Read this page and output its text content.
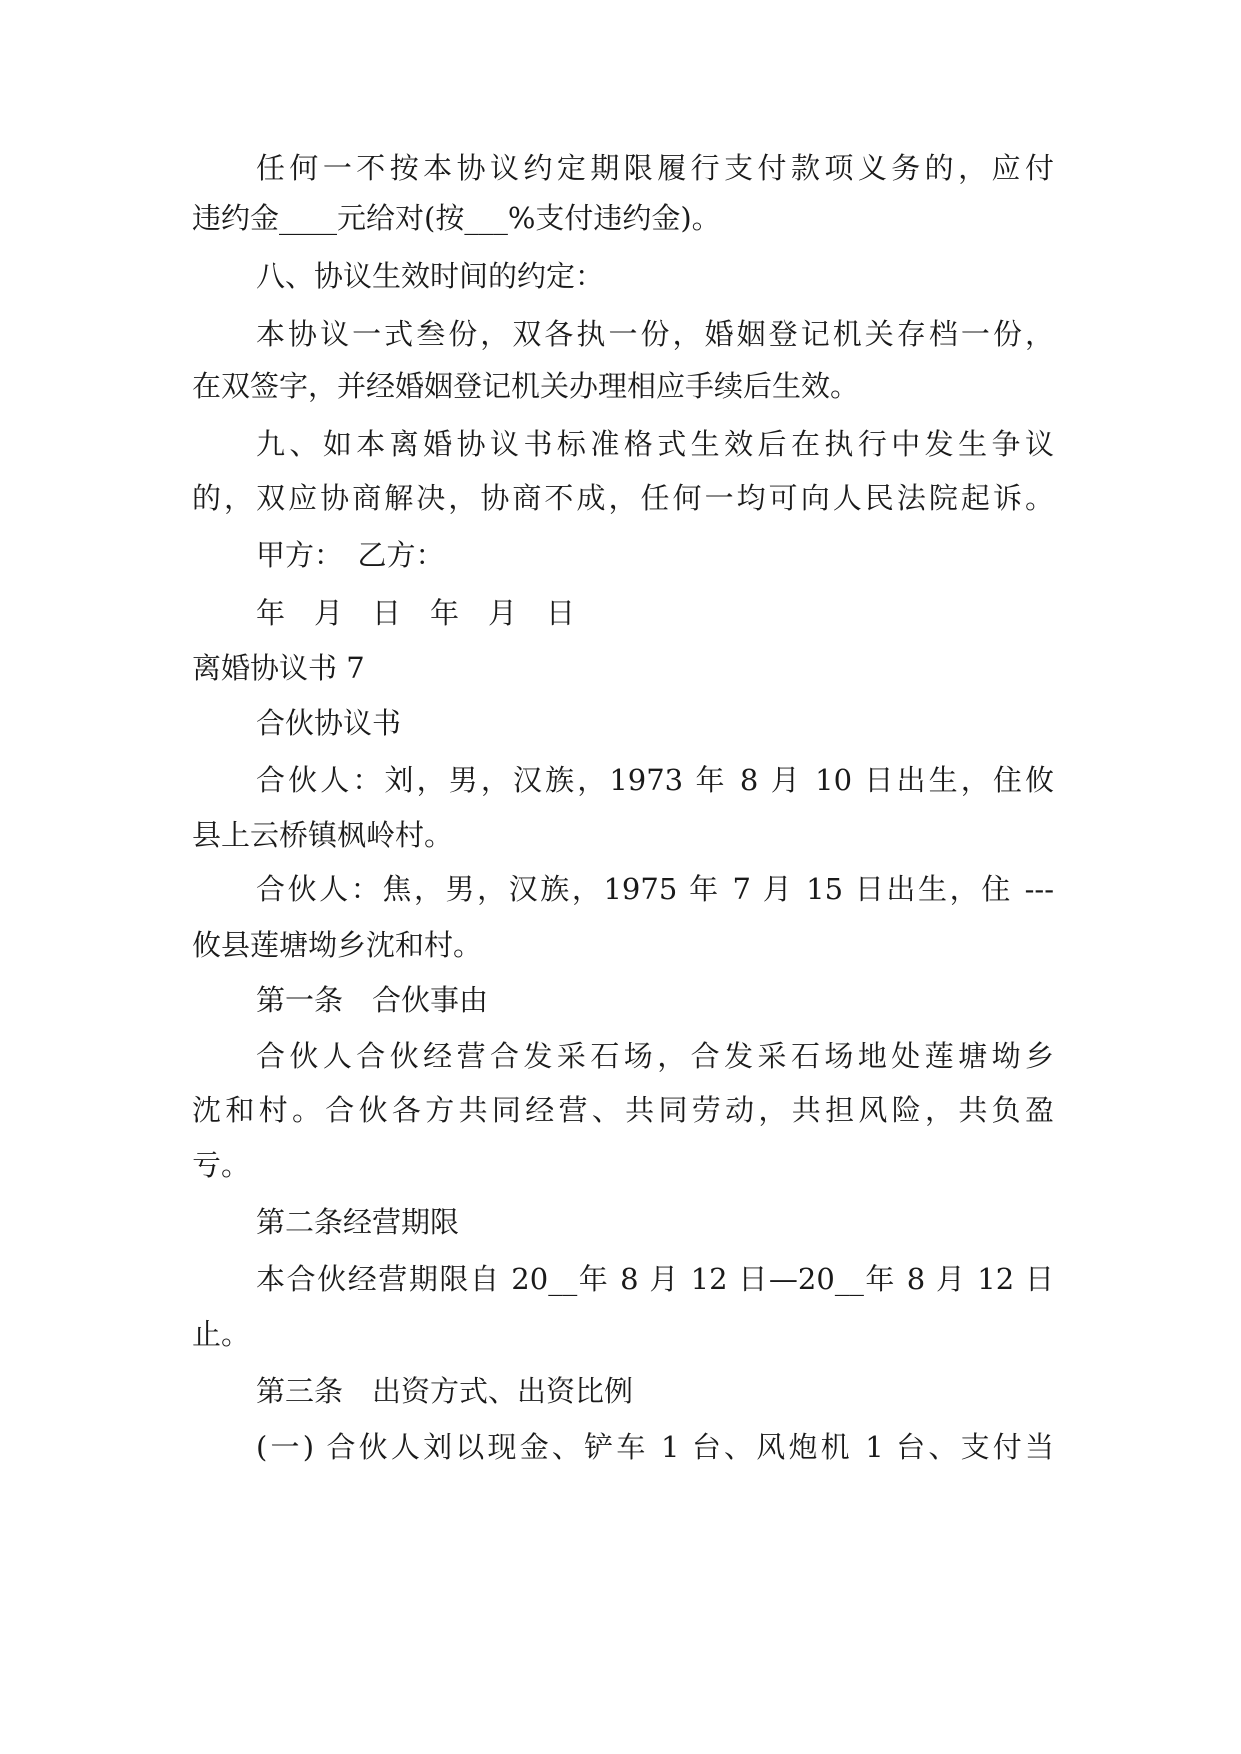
任何一不按本协议约定期限履行支付款项义务的，应付
违约金____元给对(按___%支付违约金)。
八、协议生效时间的约定：
本协议一式叁份，双各执一份，婚姻登记机关存档一份，
在双签字，并经婚姻登记机关办理相应手续后生效。
九、如本离婚协议书标准格式生效后在执行中发生争议
的，双应协商解决，协商不成，任何一均可向人民法院起诉。
甲方：　乙方：
年　月　日　年　月　日
离婚协议书 7
合伙协议书
合伙人：刘，男，汉族，1973 年 8 月 10 日出生，住攸
县上云桥镇枫岭村。
合伙人：焦，男，汉族，1975 年 7 月 15 日出生，住 ---
攸县莲塘坳乡沈和村。
第一条　合伙事由
合伙人合伙经营合发采石场，合发采石场地处莲塘坳乡
沈和村。合伙各方共同经营、共同劳动，共担风险，共负盈
亏。
第二条经营期限
本合伙经营期限自 20__年 8 月 12 日—20__年 8 月 12 日
止。
第三条　出资方式、出资比例
(一) 合伙人刘以现金、铲车 1 台、风炮机 1 台、支付当
